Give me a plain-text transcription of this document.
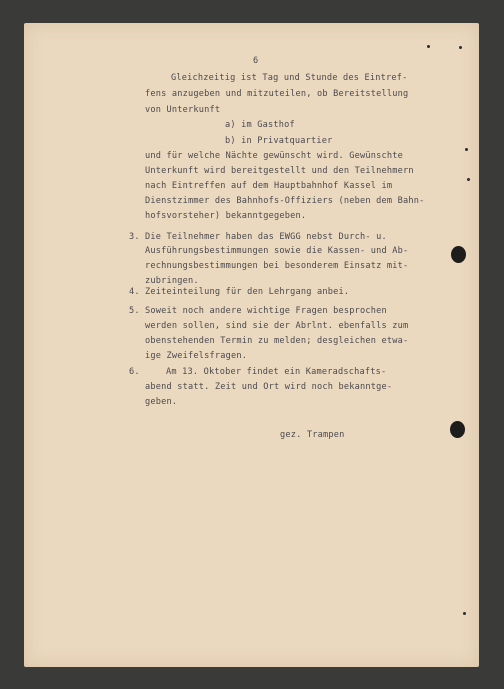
6
Gleichzeitig ist Tag und Stunde des Eintref-
fens anzugeben und mitzuteilen, ob Bereitstellung
von Unterkunft
a) im Gasthof
b) in Privatquartier
und für welche Nächte gewünscht wird. Gewünschte
Unterkunft wird bereitgestellt und den Teilnehmern
nach Eintreffen auf dem Hauptbahnhof Kassel im
Dienstzimmer des Bahnhofs-Offiziers (neben dem Bahn-
hofsvorsteher) bekanntgegeben.
3. Die Teilnehmer haben das EWGG nebst Durch- u.
Ausführungsbestimmungen sowie die Kassen- und Ab-
rechnungsbestimmungen bei besonderem Einsatz mit-
zubringen.
4. Zeiteinteilung für den Lehrgang anbei.
5. Soweit noch andere wichtige Fragen besprochen
werden sollen, sind sie der Abrlnt. ebenfalls zum
obenstehenden Termin zu melden; desgleichen etwa-
ige Zweifelsfragen.
6.	Am 13. Oktober findet ein Kameradschafts-
abend statt. Zeit und Ort wird noch bekanntge-
geben.
gez. Trampen
